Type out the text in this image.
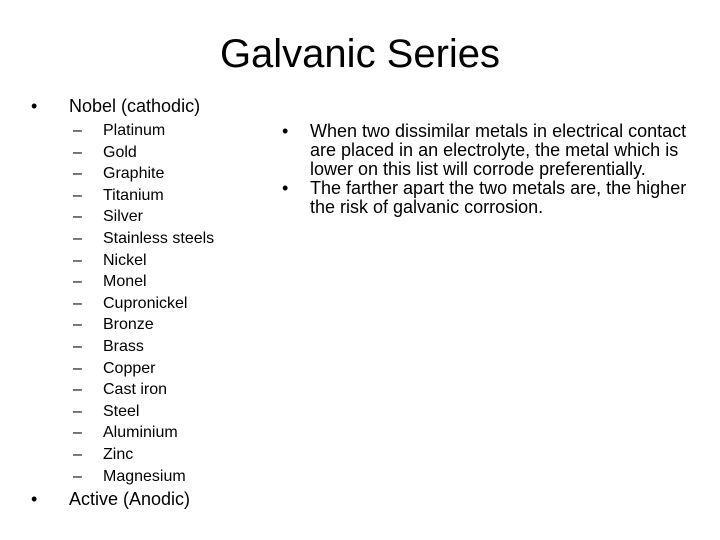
Galvanic Series
• Nobel (cathodic)
– Platinum
– Gold
– Graphite
– Titanium
– Silver
– Stainless steels
– Nickel
– Monel
– Cupronickel
– Bronze
– Brass
– Copper
– Cast iron
– Steel
– Aluminium
– Zinc
– Magnesium
• Active (Anodic)
• When two dissimilar metals in electrical contact are placed in an electrolyte, the metal which is lower on this list will corrode preferentially.
• The farther apart the two metals are, the higher the risk of galvanic corrosion.
